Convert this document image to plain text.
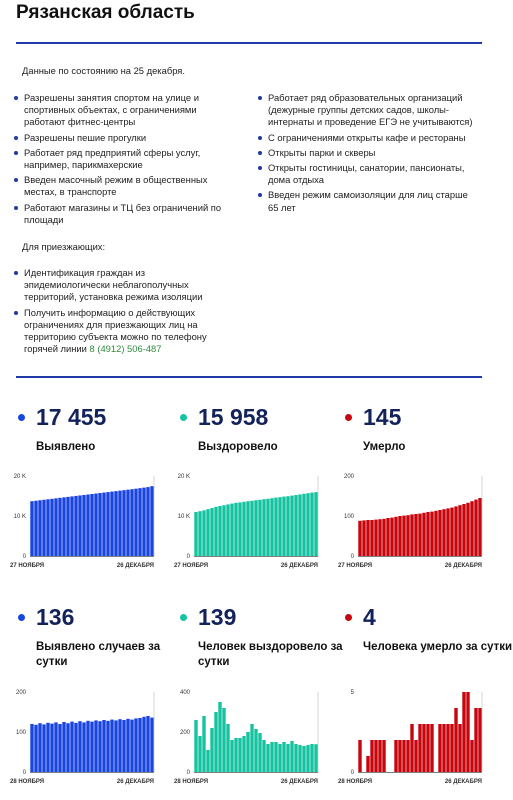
Рязанская область
Данные по состоянию на 25 декабря.
Разрешены занятия спортом на улице и спортивных объектах, с ограничениями работают фитнес-центры
Разрешены пешие прогулки
Работает ряд предприятий сферы услуг, например, парикмахерские
Введен масочный режим в общественных местах, в транспорте
Работают магазины и ТЦ без ограничений по площади
Работает ряд образовательных организаций (дежурные группы детских садов, школы-интернаты и проведение ЕГЭ не учитываются)
С ограничениями открыты кафе и рестораны
Открыты парки и скверы
Открыты гостиницы, санатории, пансионаты, дома отдыха
Введен режим самоизоляции для лиц старше 65 лет
Для приезжающих:
Идентификация граждан из эпидемиологически неблагополучных территорий, установка режима изоляции
Получить информацию о действующих ограничениях для приезжающих лиц на территорию субъекта можно по телефону горячей линии 8 (4912) 506-487
17 455
Выявлено
15 958
Выздоровело
145
Умерло
136
Выявлено случаев за сутки
139
Человек выздоровело за сутки
4
Человека умерло за сутки
0
10 K
20 K
27 НОЯБРЯ	26 ДЕКАБРЯ
0
10 K
20 K
27 НОЯБРЯ	26 ДЕКАБРЯ
0
100
200
27 НОЯБРЯ	26 ДЕКАБРЯ
0
100
200
28 НОЯБРЯ	26 ДЕКАБРЯ
0
200
400
28 НОЯБРЯ	26 ДЕКАБРЯ
0
5
28 НОЯБРЯ	26 ДЕКАБРЯ
